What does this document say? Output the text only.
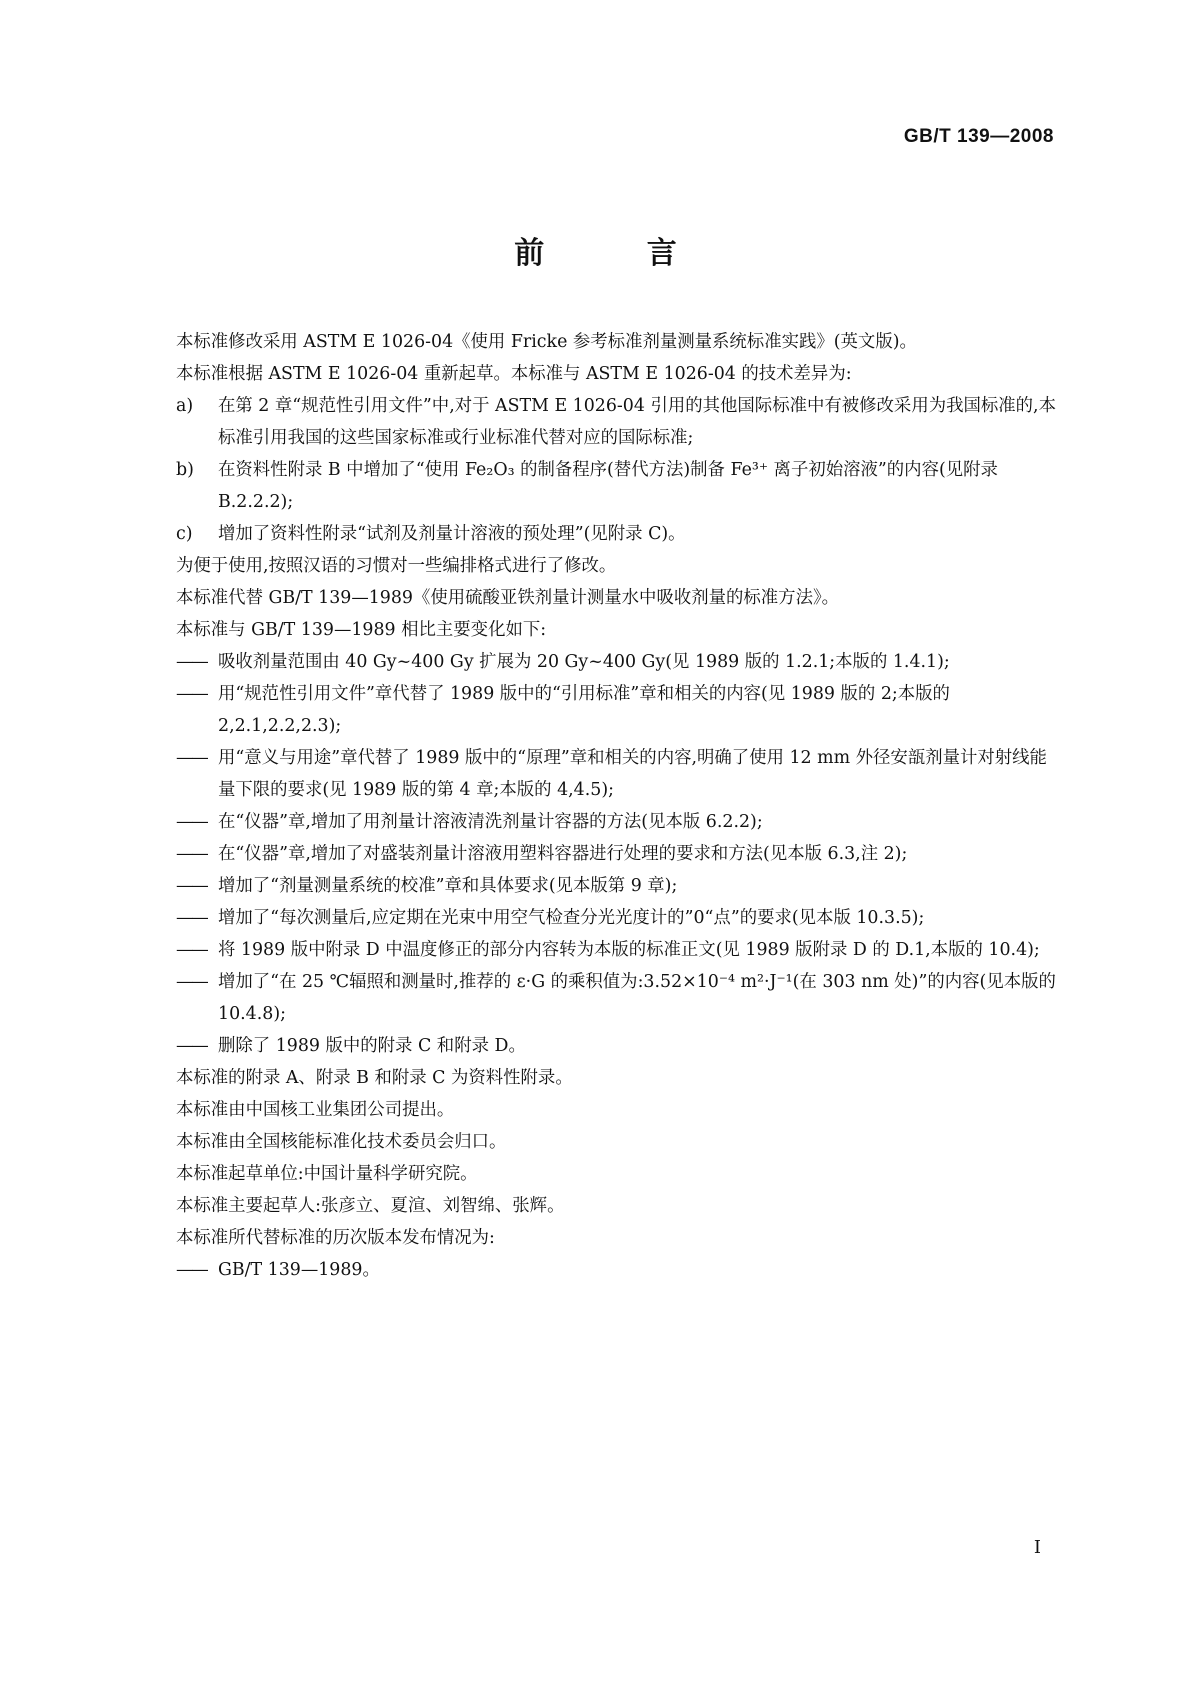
GB/T 139—2008
前 言

本标准修改采用 ASTM E 1026-04《使用 Fricke 参考标准剂量测量系统标准实践》(英文版)。

本标准根据 ASTM E 1026-04 重新起草。本标准与 ASTM E 1026-04 的技术差异为:

a)	在第 2 章“规范性引用文件”中,对于 ASTM E 1026-04 引用的其他国际标准中有被修改采用为我国标准的,本标准引用我国的这些国家标准或行业标准代替对应的国际标准;
b)	在资料性附录 B 中增加了“使用 Fe₂O₃ 的制备程序(替代方法)制备 Fe³⁺ 离子初始溶液”的内容(见附录 B.2.2.2);
c)	增加了资料性附录“试剂及剂量计溶液的预处理”(见附录 C)。

为便于使用,按照汉语的习惯对一些编排格式进行了修改。

本标准代替 GB/T 139—1989《使用硫酸亚铁剂量计测量水中吸收剂量的标准方法》。

本标准与 GB/T 139—1989 相比主要变化如下:

—— 吸收剂量范围由 40 Gy~400 Gy 扩展为 20 Gy~400 Gy(见 1989 版的 1.2.1;本版的 1.4.1);
—— 用“规范性引用文件”章代替了 1989 版中的“引用标准”章和相关的内容(见 1989 版的 2;本版的 2,2.1,2.2,2.3);
—— 用“意义与用途”章代替了 1989 版中的“原理”章和相关的内容,明确了使用 12 mm 外径安瓿剂量计对射线能量下限的要求(见 1989 版的第 4 章;本版的 4,4.5);
—— 在“仪器”章,增加了用剂量计溶液清洗剂量计容器的方法(见本版 6.2.2);
—— 在“仪器”章,增加了对盛装剂量计溶液用塑料容器进行处理的要求和方法(见本版 6.3,注 2);
—— 增加了“剂量测量系统的校准”章和具体要求(见本版第 9 章);
—— 增加了“每次测量后,应定期在光束中用空气检查分光光度计的”0“点”的要求(见本版 10.3.5);
—— 将 1989 版中附录 D 中温度修正的部分内容转为本版的标准正文(见 1989 版附录 D 的 D.1,本版的 10.4);
—— 增加了“在 25 ℃辐照和测量时,推荐的 ε·G 的乘积值为:3.52×10⁻⁴ m²·J⁻¹(在 303 nm 处)”的内容(见本版的 10.4.8);
—— 删除了 1989 版中的附录 C 和附录 D。

本标准的附录 A、附录 B 和附录 C 为资料性附录。

本标准由中国核工业集团公司提出。

本标准由全国核能标准化技术委员会归口。

本标准起草单位:中国计量科学研究院。

本标准主要起草人:张彦立、夏渲、刘智绵、张辉。

本标准所代替标准的历次版本发布情况为:

—— GB/T 139—1989。
I
